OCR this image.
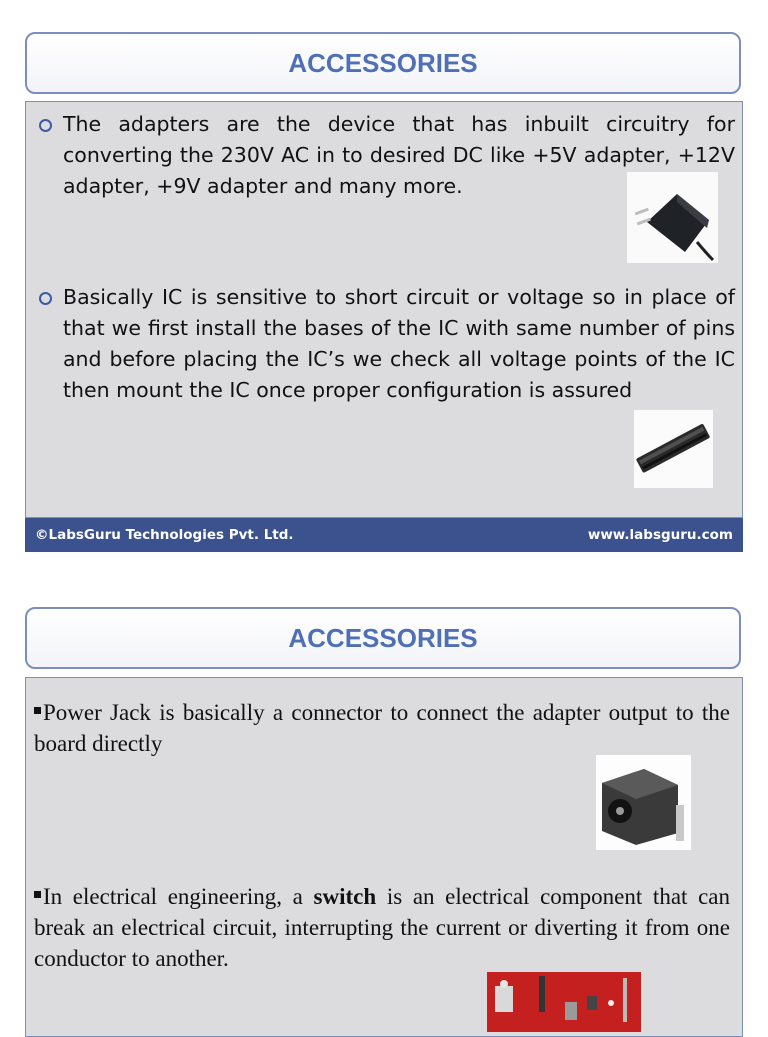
ACCESSORIES
The adapters are the device that has inbuilt circuitry for converting the 230V AC in to desired DC like +5V adapter, +12V adapter, +9V adapter and many more.
Basically IC is sensitive to short circuit or voltage so in place of that we first install the bases of the IC with same number of pins and before placing the IC’s we check all voltage points of the IC then mount the IC once proper configuration is assured
©LabsGuru Technologies Pvt. Ltd.	www.labsguru.com
ACCESSORIES
Power Jack is basically a connector to connect the adapter output to the board directly
In electrical engineering, a switch is an electrical component that can break an electrical circuit, interrupting the current or diverting it from one conductor to another.
